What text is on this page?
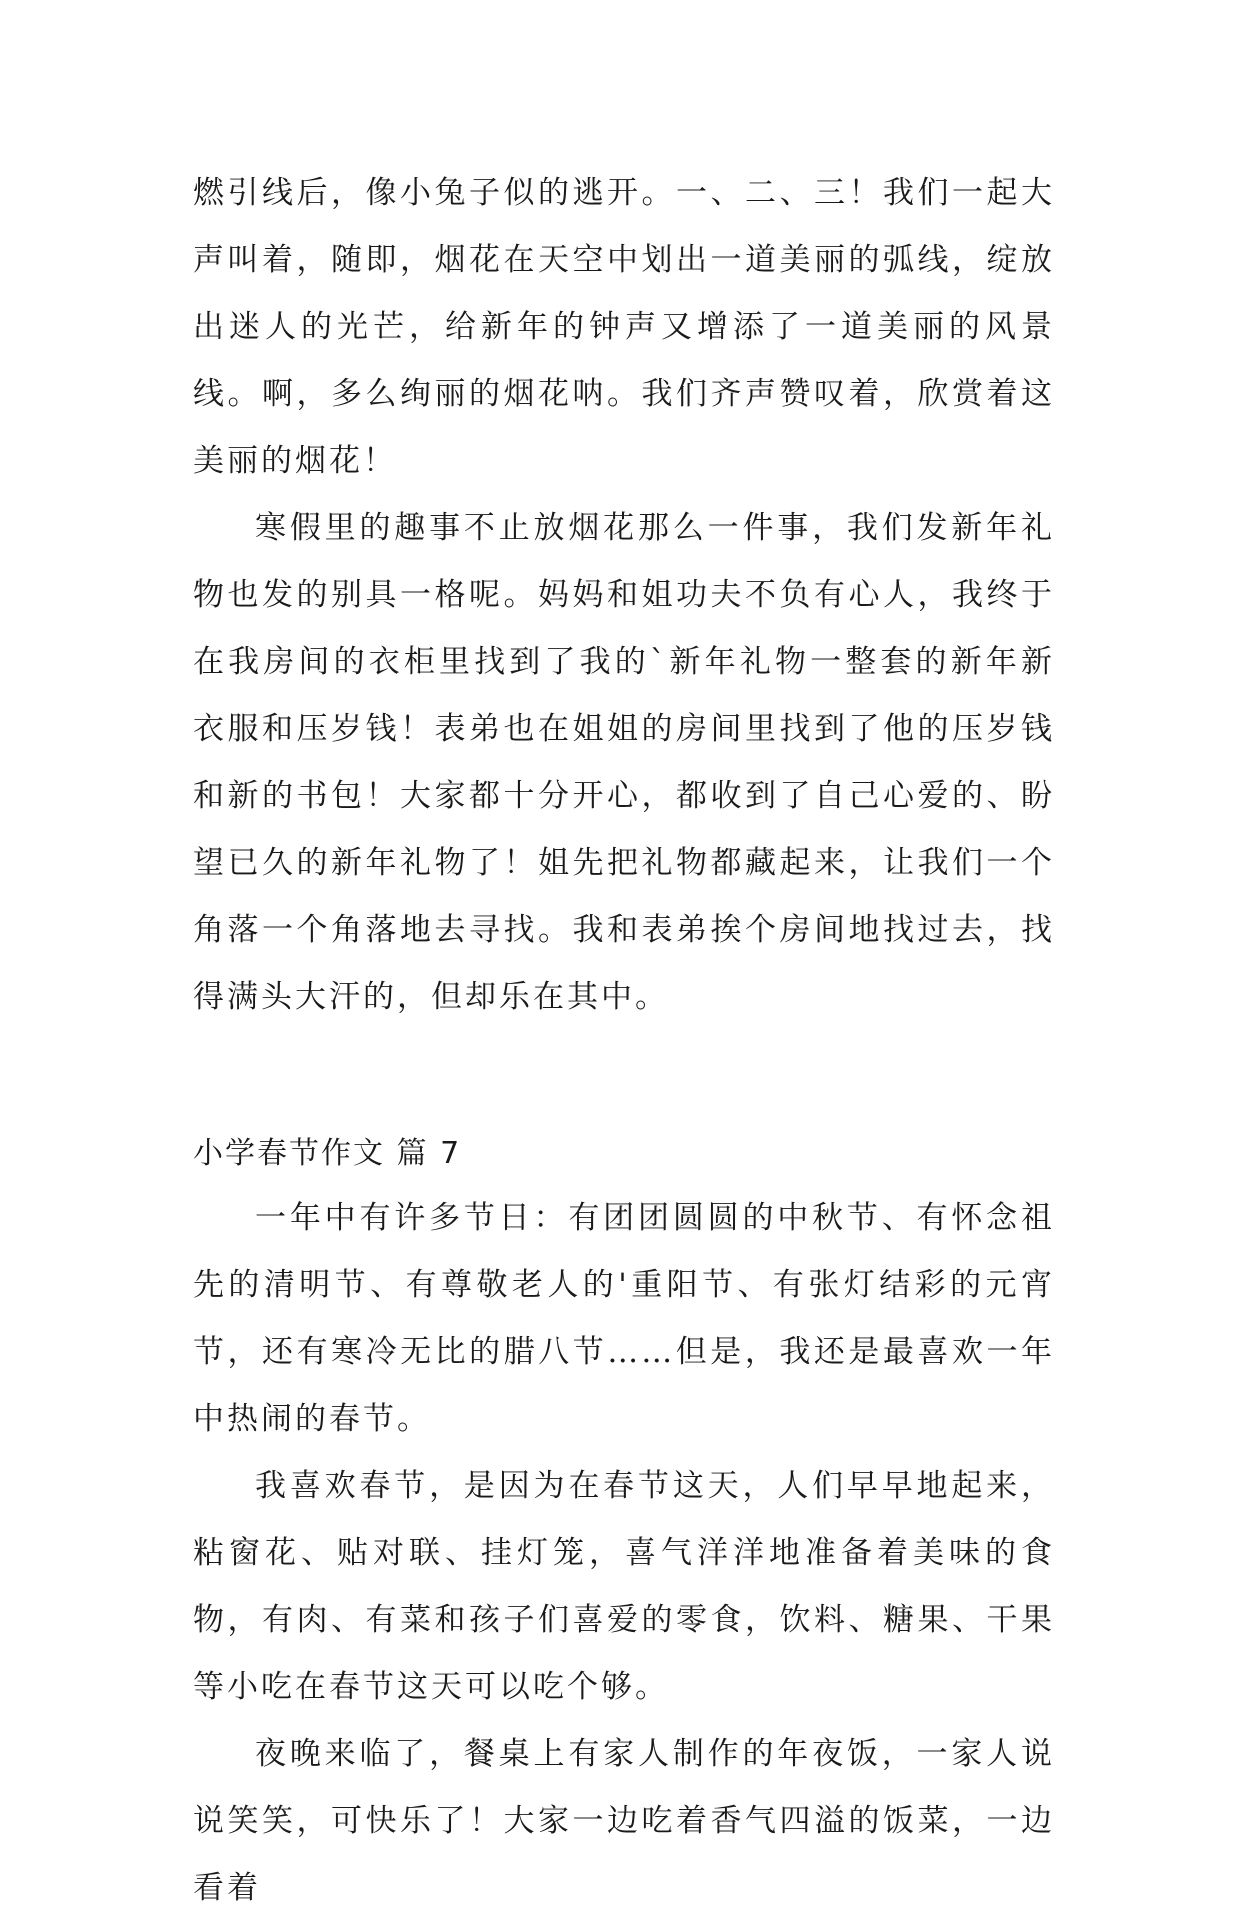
燃引线后，像小兔子似的逃开。一、二、三！我们一起大声叫着，随即，烟花在天空中划出一道美丽的弧线，绽放出迷人的光芒，给新年的钟声又增添了一道美丽的风景线。啊，多么绚丽的烟花呐。我们齐声赞叹着，欣赏着这美丽的烟花！

寒假里的趣事不止放烟花那么一件事，我们发新年礼物也发的别具一格呢。妈妈和姐功夫不负有心人，我终于在我房间的衣柜里找到了我的`新年礼物一整套的新年新衣服和压岁钱！表弟也在姐姐的房间里找到了他的压岁钱和新的书包！大家都十分开心，都收到了自己心爱的、盼望已久的新年礼物了！姐先把礼物都藏起来，让我们一个角落一个角落地去寻找。我和表弟挨个房间地找过去，找得满头大汗的，但却乐在其中。

小学春节作文 篇 7

一年中有许多节日：有团团圆圆的中秋节、有怀念祖先的清明节、有尊敬老人的'重阳节、有张灯结彩的元宵节，还有寒冷无比的腊八节……但是，我还是最喜欢一年中热闹的春节。

我喜欢春节，是因为在春节这天，人们早早地起来，粘窗花、贴对联、挂灯笼，喜气洋洋地准备着美味的食物，有肉、有菜和孩子们喜爱的零食，饮料、糖果、干果等小吃在春节这天可以吃个够。

夜晚来临了，餐桌上有家人制作的年夜饭，一家人说说笑笑，可快乐了！大家一边吃着香气四溢的饭菜，一边看着
